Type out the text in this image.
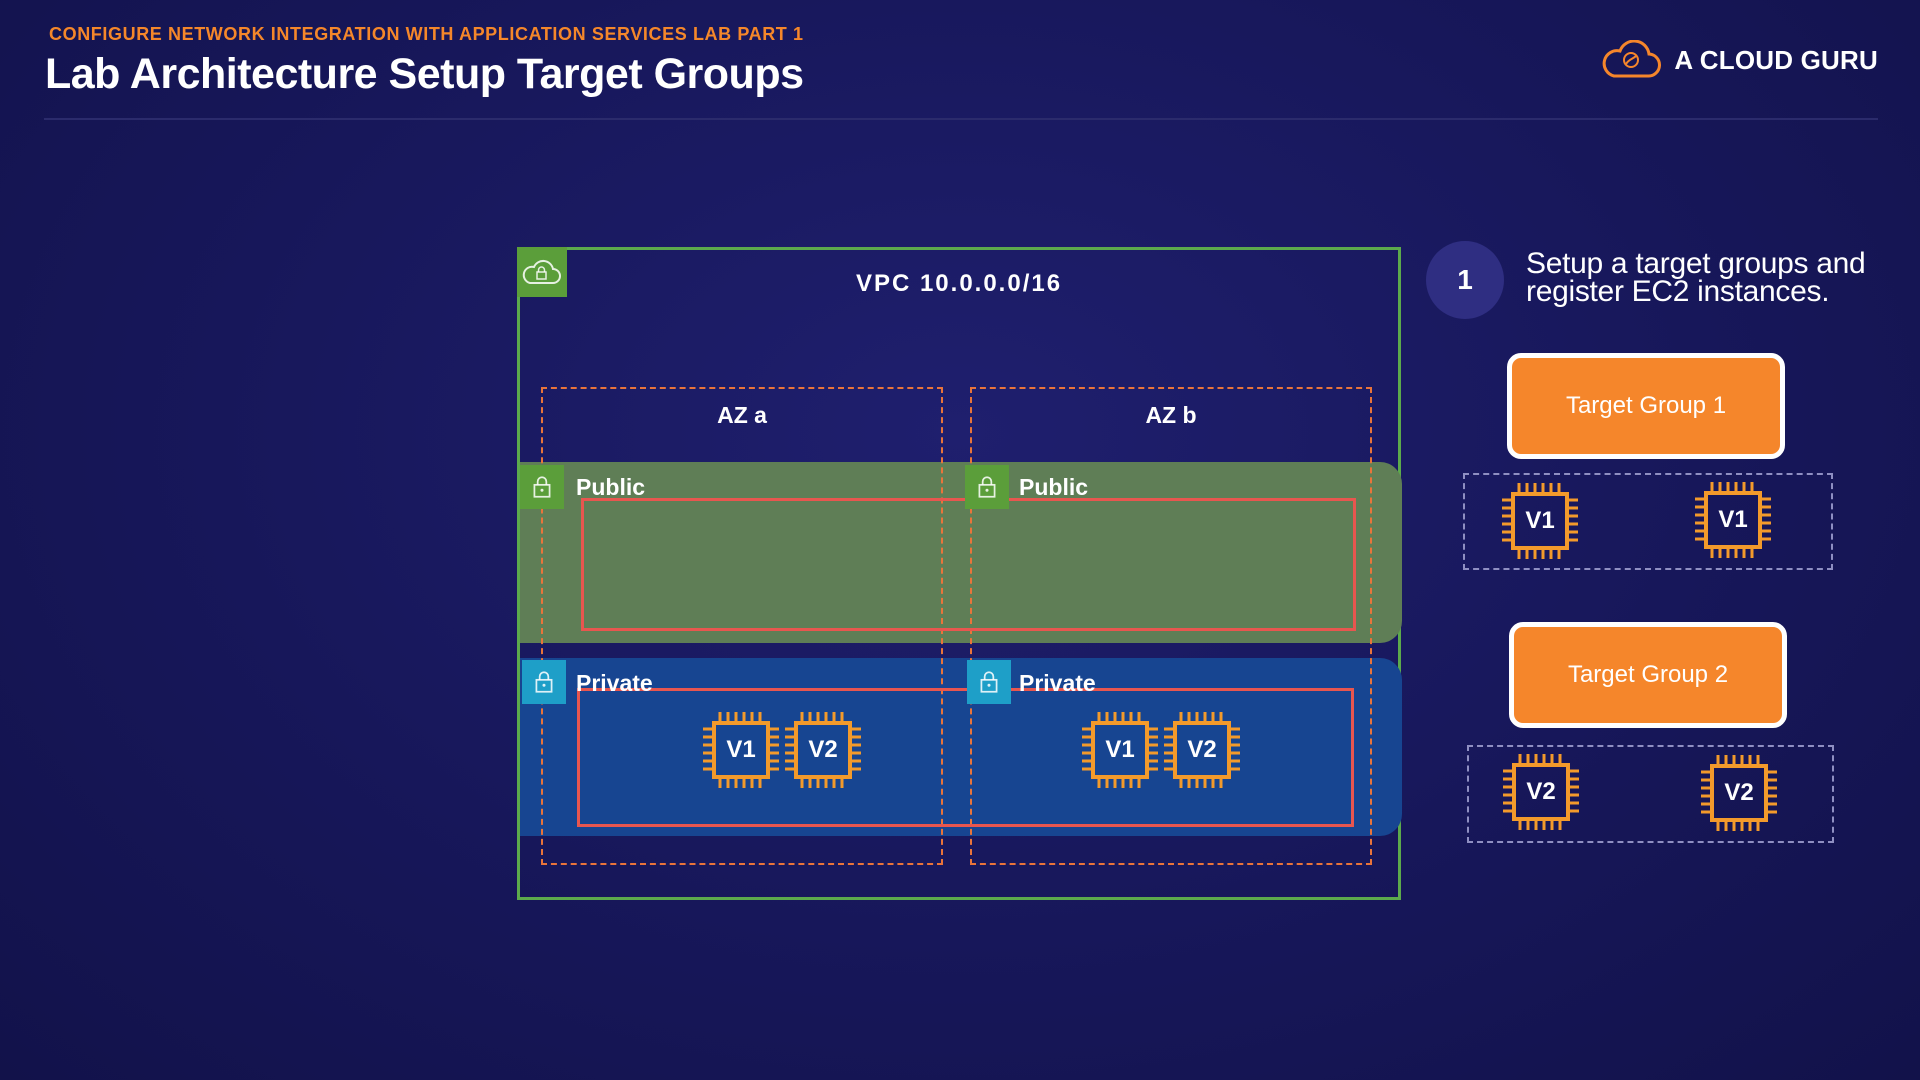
CONFIGURE NETWORK INTEGRATION WITH APPLICATION SERVICES LAB PART 1
Lab Architecture Setup Target Groups	A CLOUD GURU
VPC 10.0.0.0/16
AZ a	AZ b
Public	Public
Private	Private
V1	V2	V1	V2
1	Setup a target groups and register EC2 instances.
Target Group 1
V1	V1
Target Group 2
V2	V2
